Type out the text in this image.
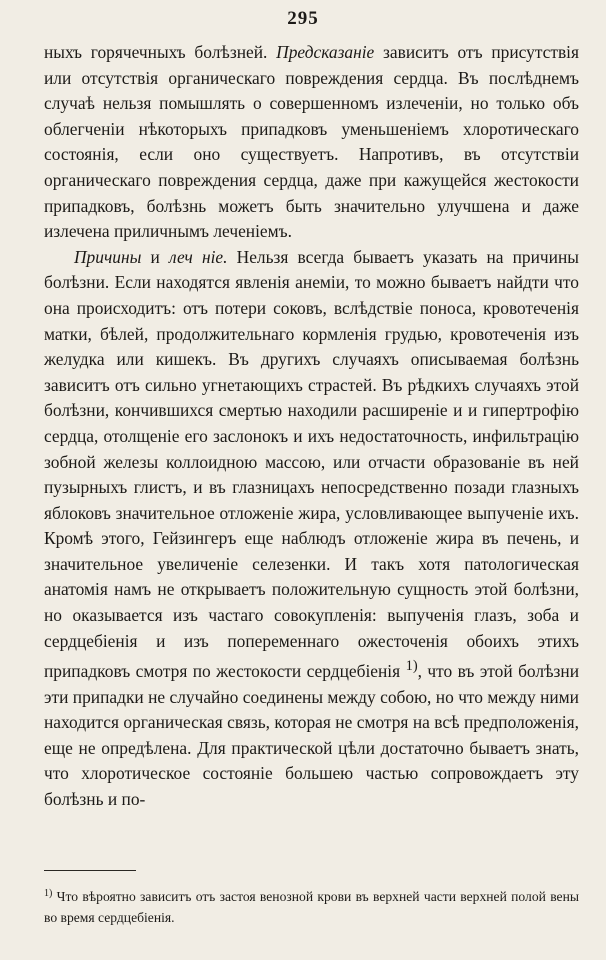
295

ныхъ горячечныхъ болѣзней. Предсказаніе зависитъ отъ присутствія или отсутствія органическаго повреждения сердца. Въ послѣднемъ случаѣ нельзя помышлять о совершенномъ излеченіи, но только объ облегченіи нѣкоторыхъ припадковъ уменьшеніемъ хлоротическаго состоянія, если оно существуетъ. Напротивъ, въ отсутствіи органическаго повреждения сердца, даже при кажущейся жестокости припадковъ, болѣзнь можетъ быть значительно улучшена и даже излечена приличнымъ леченіемъ.

Причины и леч ніе. Нельзя всегда бываетъ указать на причины болѣзни. Если находятся явленія анеміи, то можно бываетъ найдти что она происходитъ: отъ потери соковъ, вслѣдствіе поноса, кровотеченія матки, бѣлей, продолжительнаго кормленія грудью, кровотеченія изъ желудка или кишекъ. Въ другихъ случаяхъ описываемая болѣзнь зависитъ отъ сильно угнетающихъ страстей. Въ рѣдкихъ случаяхъ этой болѣзни, кончившихся смертью находили расширеніе и и гипертрофію сердца, отолщеніе его заслонокъ и ихъ недостаточность, инфильтрацію зобной железы коллоидною массою, или отчасти образованіе въ ней пузырныхъ глистъ, и въ глазницахъ непосредственно позади глазныхъ яблоковъ значительное отложеніе жира, условливающее выпученіе ихъ. Кромѣ этого, Гейзингеръ еще наблюдъ отложеніе жира въ печень, и значительное увеличеніе селезенки. И такъ хотя патологическая анатомія намъ не открываетъ положительную сущность этой болѣзни, но оказывается изъ частаго совокупленія: выпученія глазъ, зоба и сердцебіенія и изъ попеременнаго ожесточенія обоихъ этихъ припадковъ смотря по жестокости сердцебіенія $^{1)}$, что въ этой болѣзни эти припадки не случайно соединены между собою, но что между ними находится органическая связь, которая не смотря на всѣ предположенія, еще не опредѣлена. Для практической цѣли достаточно бываетъ знать, что хлоротическое состояніе большею частью сопровождаетъ эту болѣзнь и по-

$^{1)}$ Что вѣроятно зависитъ отъ застоя венозной крови въ верхней части верхней полой вены во время сердцебіенія.
